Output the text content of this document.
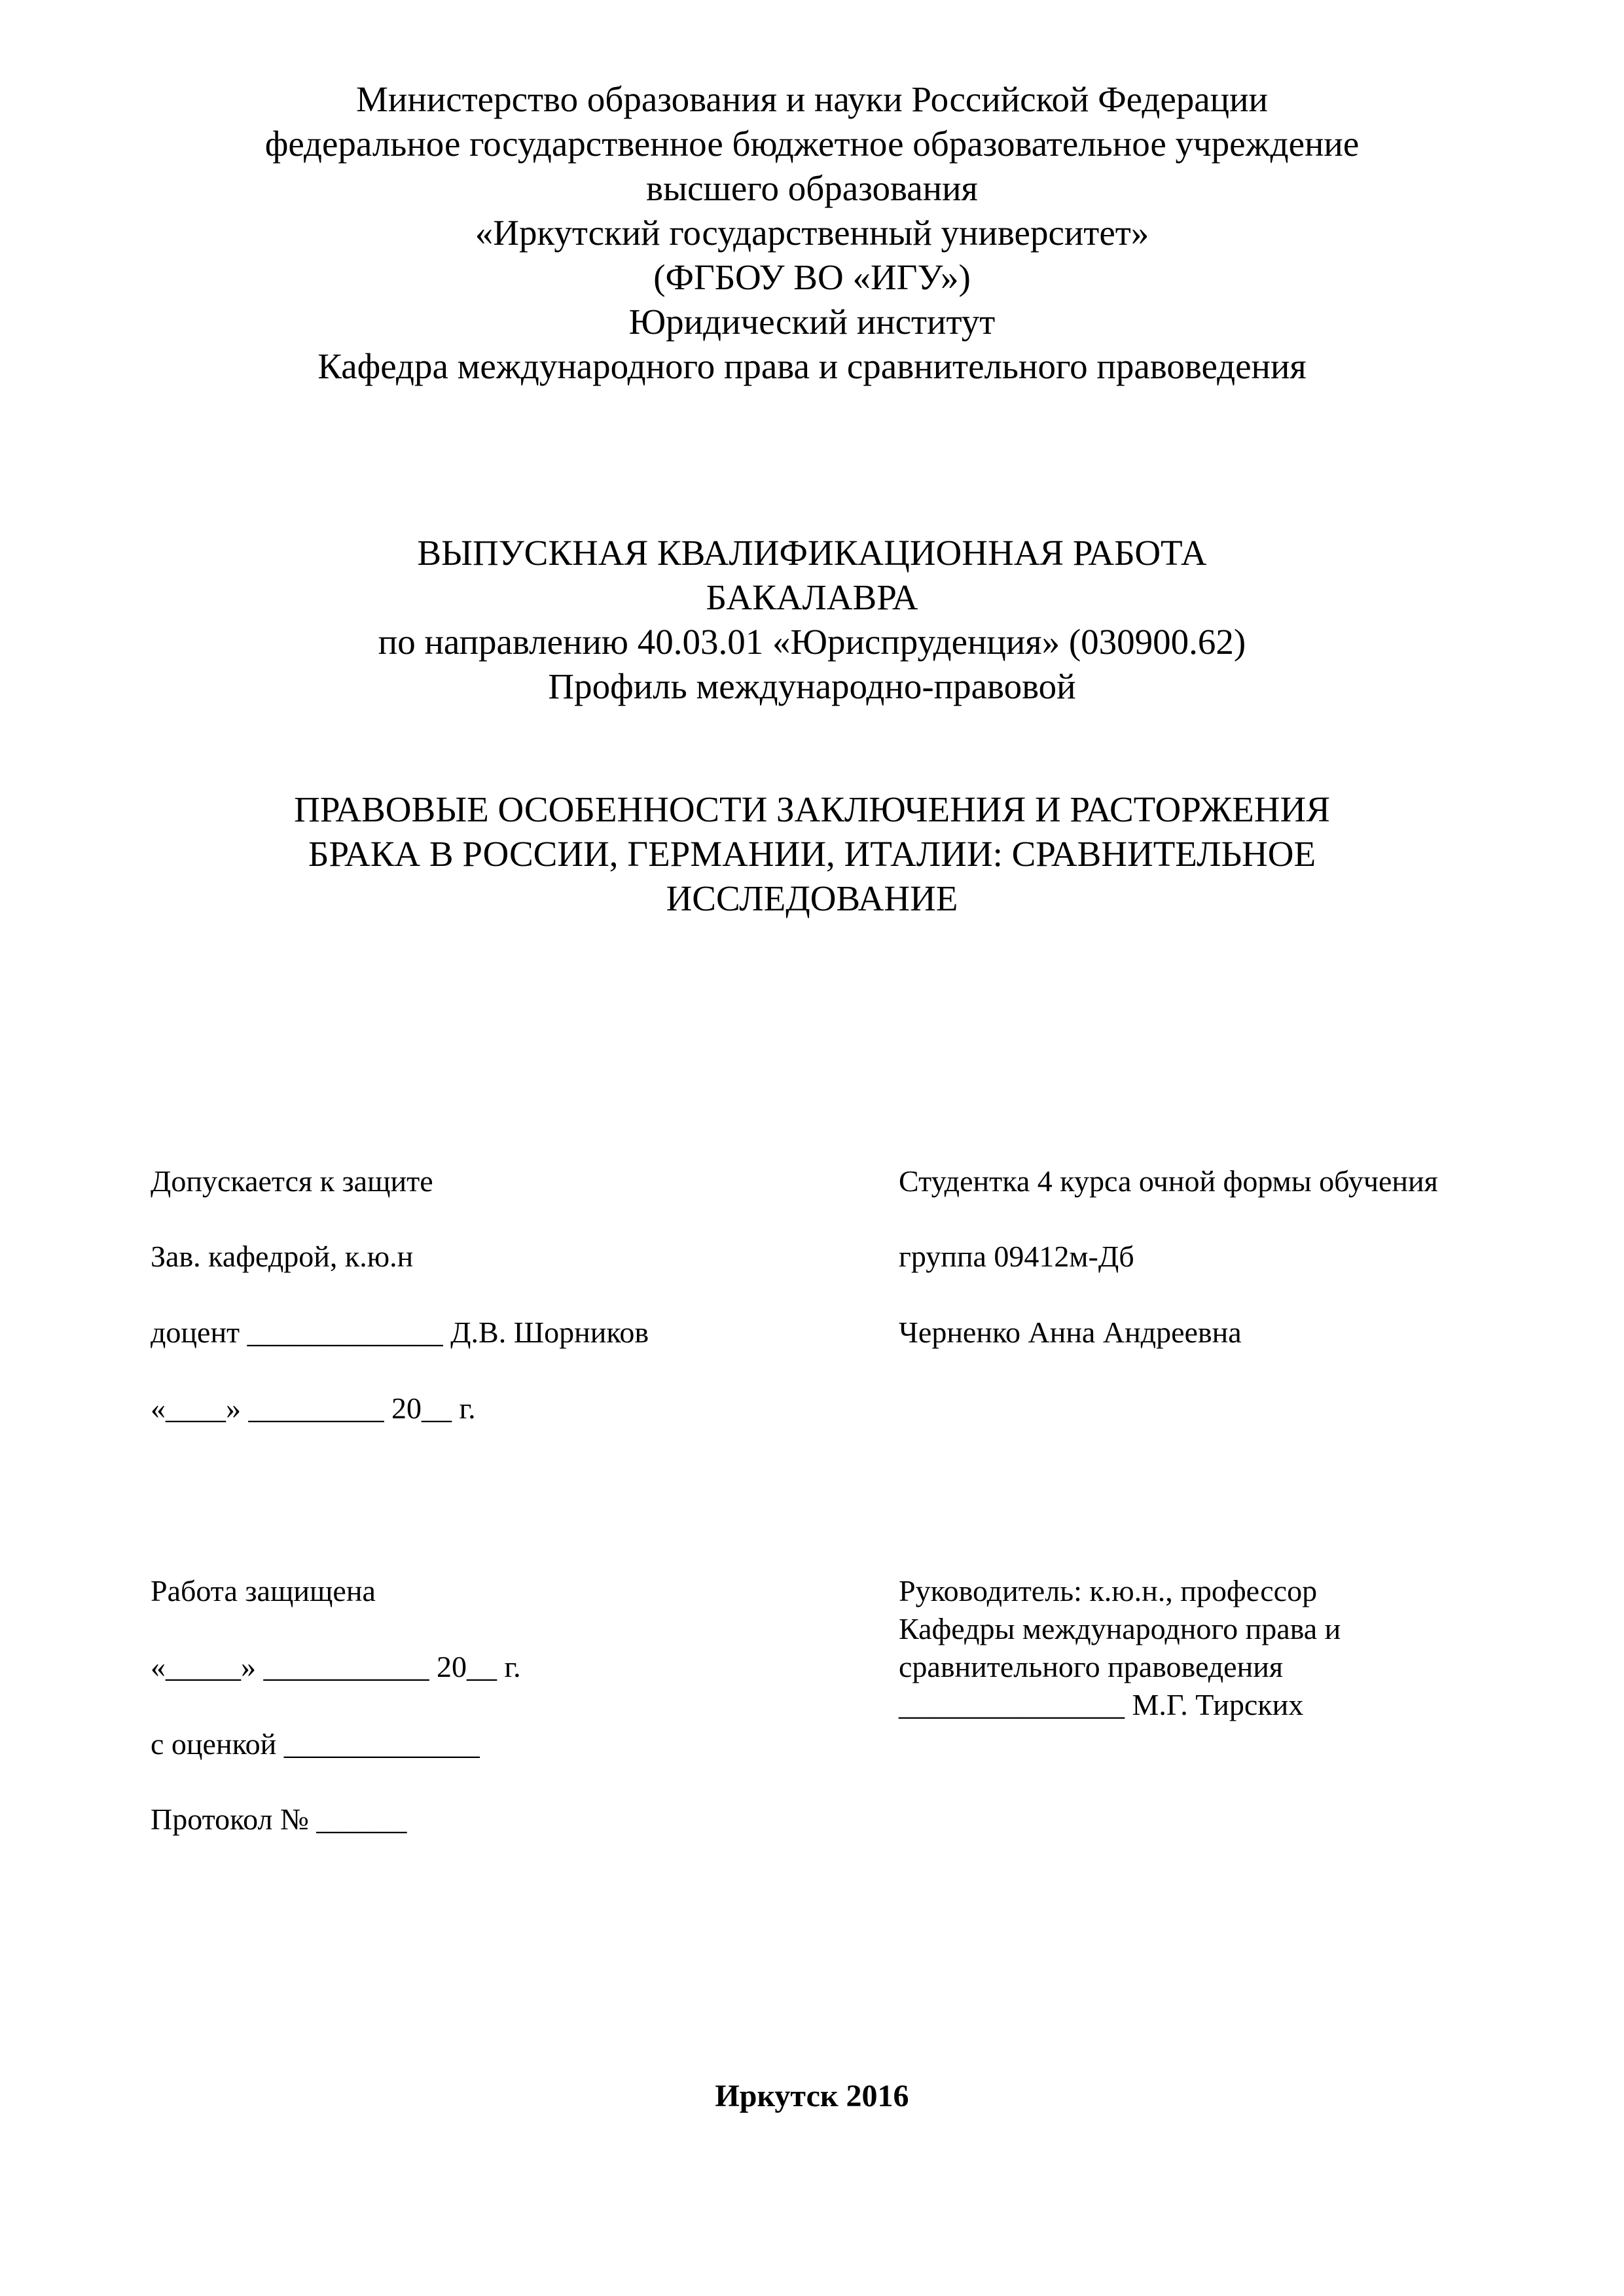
Министерство образования и науки Российской Федерации
федеральное государственное бюджетное образовательное учреждение
высшего образования
«Иркутский государственный университет»
(ФГБОУ ВО «ИГУ»)
Юридический институт
Кафедра международного права и сравнительного правоведения
ВЫПУСКНАЯ КВАЛИФИКАЦИОННАЯ РАБОТА
БАКАЛАВРА
по направлению 40.03.01 «Юриспруденция» (030900.62)
Профиль международно-правовой
ПРАВОВЫЕ ОСОБЕННОСТИ ЗАКЛЮЧЕНИЯ И РАСТОРЖЕНИЯ
БРАКА В РОССИИ, ГЕРМАНИИ, ИТАЛИИ: СРАВНИТЕЛЬНОЕ
ИССЛЕДОВАНИЕ
Допускается к защите
Зав. кафедрой, к.ю.н
доцент _____________ Д.В. Шорников
«____» _________ 20__ г.
Студентка 4 курса очной формы обучения
группа 09412м-Дб
Черненко Анна Андреевна
Работа защищена
«_____» ___________ 20__ г.
с оценкой _____________
Протокол № ______
Руководитель: к.ю.н., профессор
Кафедры международного права и
сравнительного правоведения
_______________ М.Г. Тирских
Иркутск 2016
